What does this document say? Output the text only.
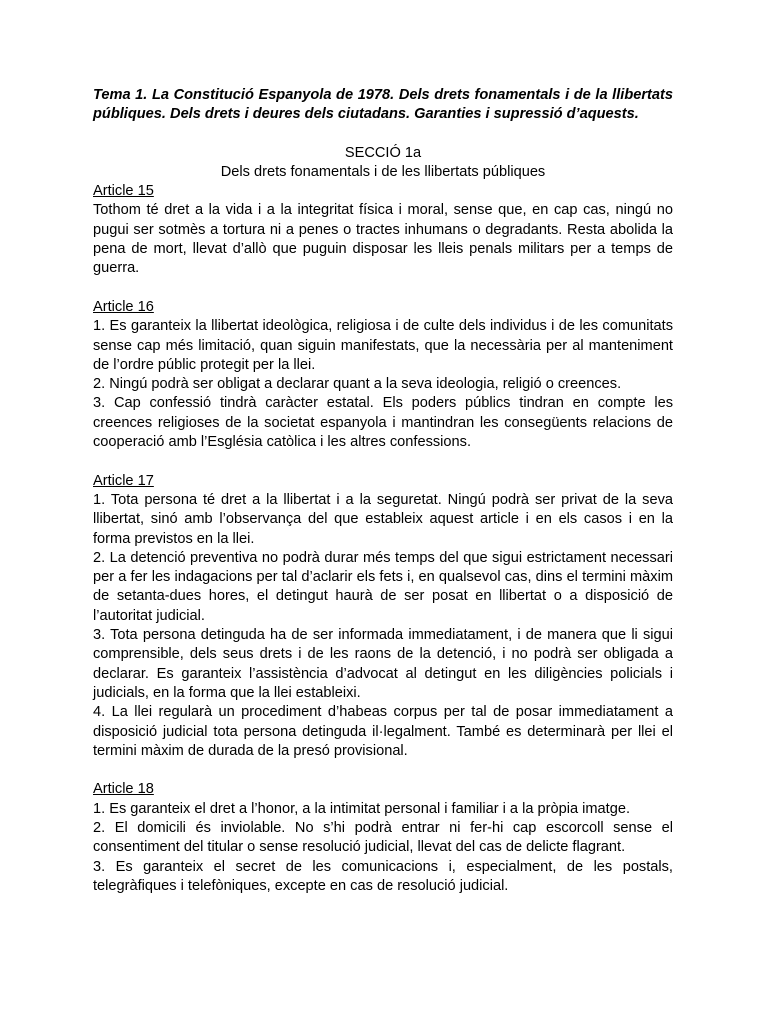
Tema 1. La Constitució Espanyola de 1978. Dels drets fonamentals i de la llibertats públiques. Dels drets i deures dels ciutadans. Garanties i supressió d’aquests.

SECCIÓ 1a

Dels drets fonamentals i de les llibertats públiques

Article 15

Tothom té dret a la vida i a la integritat física i moral, sense que, en cap cas, ningú no pugui ser sotmès a tortura ni a penes o tractes inhumans o degradants. Resta abolida la pena de mort, llevat d’allò que puguin disposar les lleis penals militars per a temps de guerra.

Article 16

1. Es garanteix la llibertat ideològica, religiosa i de culte dels individus i de les comunitats sense cap més limitació, quan siguin manifestats, que la necessària per al manteniment de l’ordre públic protegit per la llei.

2. Ningú podrà ser obligat a declarar quant a la seva ideologia, religió o creences.

3. Cap confessió tindrà caràcter estatal. Els poders públics tindran en compte les creences religioses de la societat espanyola i mantindran les consegüents relacions de cooperació amb l’Església catòlica i les altres confessions.

Article 17

1. Tota persona té dret a la llibertat i a la seguretat. Ningú podrà ser privat de la seva llibertat, sinó amb l’observança del que estableix aquest article i en els casos i en la forma previstos en la llei.

2. La detenció preventiva no podrà durar més temps del que sigui estrictament necessari per a fer les indagacions per tal d’aclarir els fets i, en qualsevol cas, dins el termini màxim de setanta-dues hores, el detingut haurà de ser posat en llibertat o a disposició de l’autoritat judicial.

3. Tota persona detinguda ha de ser informada immediatament, i de manera que li sigui comprensible, dels seus drets i de les raons de la detenció, i no podrà ser obligada a declarar. Es garanteix l’assistència d’advocat al detingut en les diligències policials i judicials, en la forma que la llei estableixi.

4. La llei regularà un procediment d’habeas corpus per tal de posar immediatament a disposició judicial tota persona detinguda il·legalment. També es determinarà per llei el termini màxim de durada de la presó provisional.

Article 18

1. Es garanteix el dret a l’honor, a la intimitat personal i familiar i a la pròpia imatge.

2. El domicili és inviolable. No s’hi podrà entrar ni fer-hi cap escorcoll sense el consentiment del titular o sense resolució judicial, llevat del cas de delicte flagrant.

3. Es garanteix el secret de les comunicacions i, especialment, de les postals, telegràfiques i telefòniques, excepte en cas de resolució judicial.
